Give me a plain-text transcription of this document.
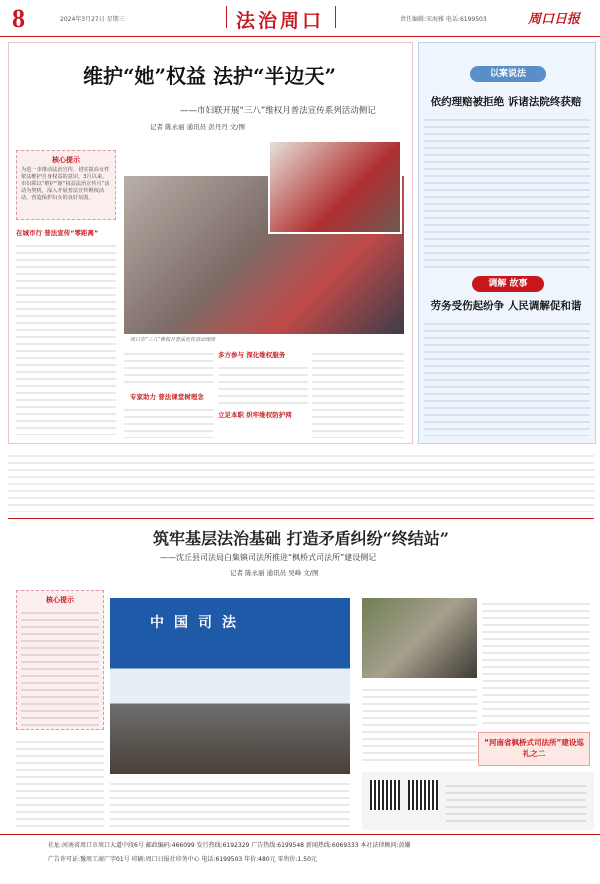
8	2024年3月27日 星期三	法治周口	责任编辑:宋海雅 电话:6199503	周口日报
维护“她”权益 法护“半边天”
——市妇联开展“三八”维权月普法宣传系列活动侧记
记者 陈永丽 通讯员 彭丹丹 文/图
核心提示
为进一步推动法治宣传，切实提高女性依法维护自身权益的意识，3月以来，市妇联以“维护”她“权益法治宣传月”活动为契机，深入开展普法宣传维权活动，营造保护妇女的良好氛围。
在城市行 普法宣传“零距离”
周口市“三八”维权月普法宣传活动现场
专家助力 普法课堂树理念
多方参与 深化维权服务
立足本职 织牢维权防护网
以案说法
依约理赔被拒绝 诉诸法院终获赔
调解 故事
劳务受伤起纷争 人民调解促和谐
筑牢基层法治基础 打造矛盾纠纷“终结站”
——沈丘县司法局白集镇司法所推进“枫桥式司法所”建设侧记
记者 陈永丽 通讯员 吴峰 文/图
核心提示
中国司法
白集镇公共法律服务工作站
“河南省枫桥式司法所”建设巡礼之二
社址:河南省周口市周口大道中段6号 邮政编码:466099 发行热线:6192329 广告热线:6199548 新闻热线:6069333 本社法律顾问:黄嫌
广告许可证:豫周工商广字01号 印刷:周口日报社印务中心 电话:6199503 年价:480元 零售价:1.50元
